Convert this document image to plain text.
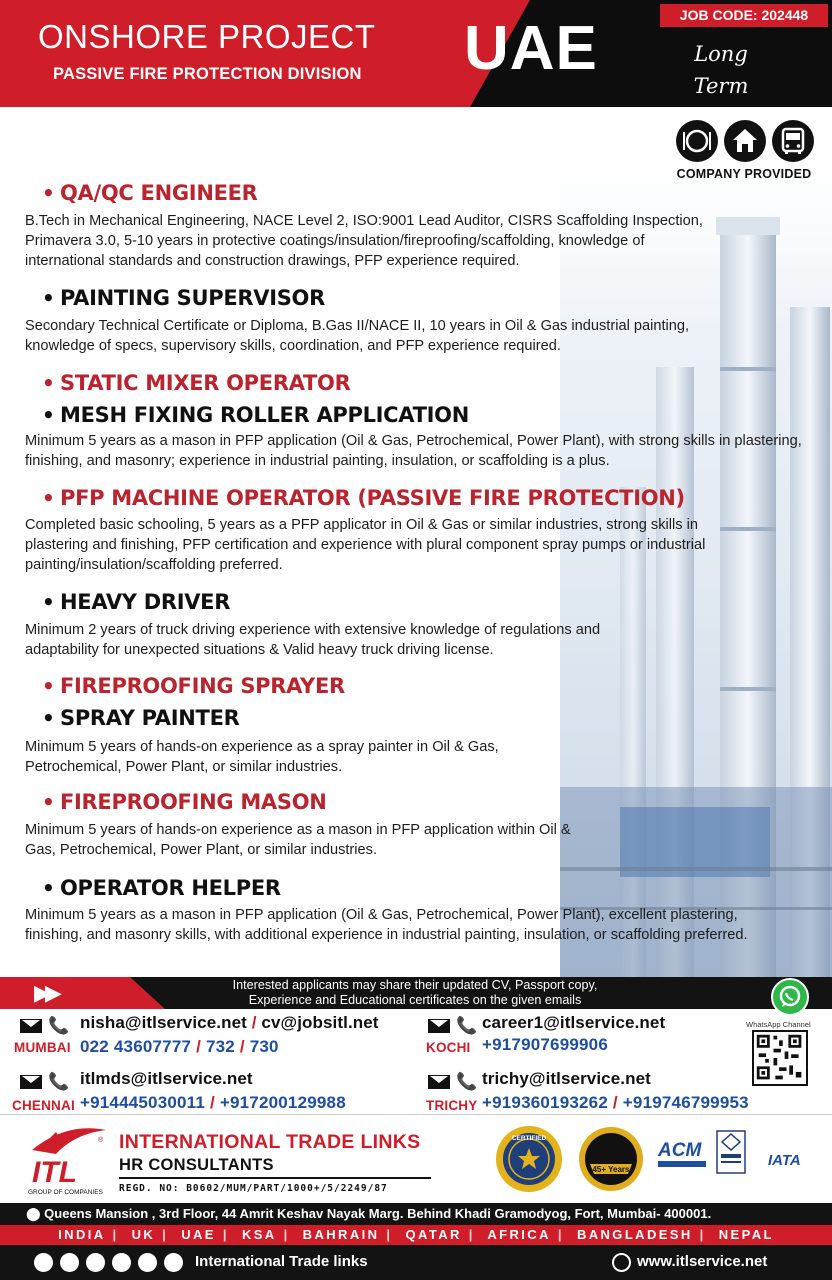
ONSHORE PROJECT
PASSIVE FIRE PROTECTION DIVISION UAE	JOB CODE: 202448
Long Term
COMPANY PROVIDED
• QA/QC ENGINEER
B.Tech in Mechanical Engineering, NACE Level 2, ISO:9001 Lead Auditor, CISRS Scaffolding Inspection, Primavera 3.0, 5-10 years in protective coatings/insulation/fireproofing/scaffolding, knowledge of international standards and construction drawings, PFP experience required.
• PAINTING SUPERVISOR
Secondary Technical Certificate or Diploma, B.Gas II/NACE II, 10 years in Oil & Gas industrial painting, knowledge of specs, supervisory skills, coordination, and PFP experience required.
• STATIC MIXER OPERATOR
• MESH FIXING ROLLER APPLICATION
Minimum 5 years as a mason in PFP application (Oil & Gas, Petrochemical, Power Plant), with strong skills in plastering, finishing, and masonry; experience in industrial painting, insulation, or scaffolding is a plus.
• PFP MACHINE OPERATOR (PASSIVE FIRE PROTECTION)
Completed basic schooling, 5 years as a PFP applicator in Oil & Gas or similar industries, strong skills in plastering and finishing, PFP certification and experience with plural component spray pumps or industrial painting/insulation/scaffolding preferred.
• HEAVY DRIVER
Minimum 2 years of truck driving experience with extensive knowledge of regulations and adaptability for unexpected situations & Valid heavy truck driving license.
• FIREPROOFING SPRAYER
• SPRAY PAINTER
Minimum 5 years of hands-on experience as a spray painter in Oil & Gas, Petrochemical, Power Plant, or similar industries.
• FIREPROOFING MASON
Minimum 5 years of hands-on experience as a mason in PFP application within Oil & Gas, Petrochemical, Power Plant, or similar industries.
• OPERATOR HELPER
Minimum 5 years as a mason in PFP application (Oil & Gas, Petrochemical, Power Plant), excellent plastering, finishing, and masonry skills, with additional experience in industrial painting, insulation, or scaffolding preferred.
▶▶	Interested applicants may share their updated CV, Passport copy,
Experience and Educational certificates on the given emails
WhatsApp Channel
📞 nisha@itlservice.net / cv@jobsitl.net
MUMBAI 022 43607777 / 732 / 730
📞 career1@itlservice.net
KOCHI +917907699906
📞 itlmds@itlservice.net
CHENNAI +914445030011 / +917200129988
📞 trichy@itlservice.net
TRICHY +919360193262 / +919746799953
ITL
®
GROUP OF COMPANIES
INTERNATIONAL TRADE LINKS
HR CONSULTANTS
REGD. NO: B0602/MUM/PART/1000+/5/2249/87
CERTIFIED
45+ Years
ACM	IATA
⬤ Queens Mansion , 3rd Floor, 44 Amrit Keshav Nayak Marg. Behind Khadi Gramodyog, Fort, Mumbai- 400001.
INDIA | UK | UAE | KSA | BAHRAIN | QATAR | AFRICA | BANGLADESH | NEPAL
International Trade links	www.itlservice.net
